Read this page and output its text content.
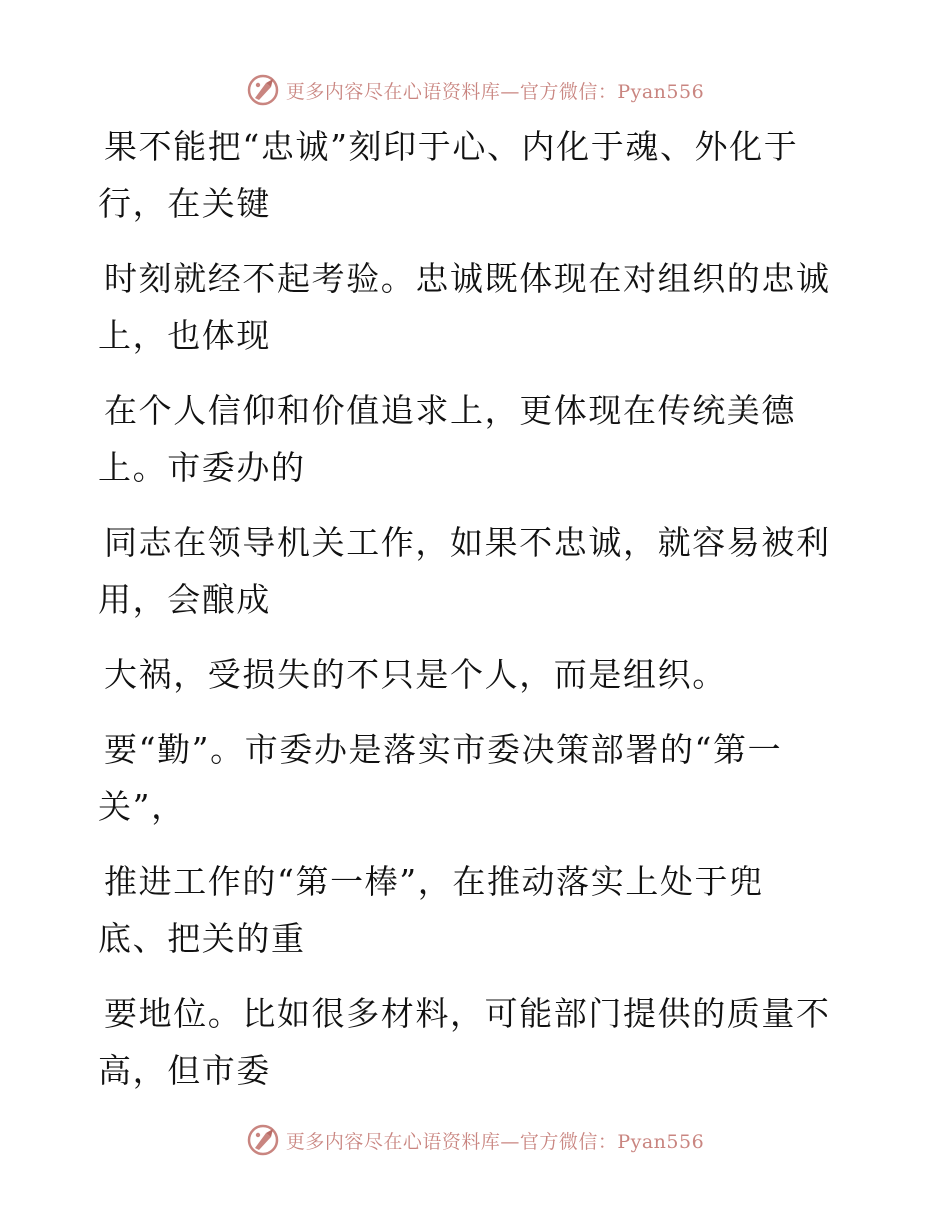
更多内容尽在心语资料库—官方微信：Pyan556
果不能把“忠诚”刻印于心、内化于魂、外化于
行，在关键
时刻就经不起考验。忠诚既体现在对组织的忠诚
上，也体现
在个人信仰和价值追求上，更体现在传统美德
上。市委办的
同志在领导机关工作，如果不忠诚，就容易被利
用，会酿成
大祸，受损失的不只是个人，而是组织。
要“勤”。市委办是落实市委决策部署的“第一
关”，
推进工作的“第一棒”，在推动落实上处于兜
底、把关的重
要地位。比如很多材料，可能部门提供的质量不
高，但市委
更多内容尽在心语资料库—官方微信：Pyan556
